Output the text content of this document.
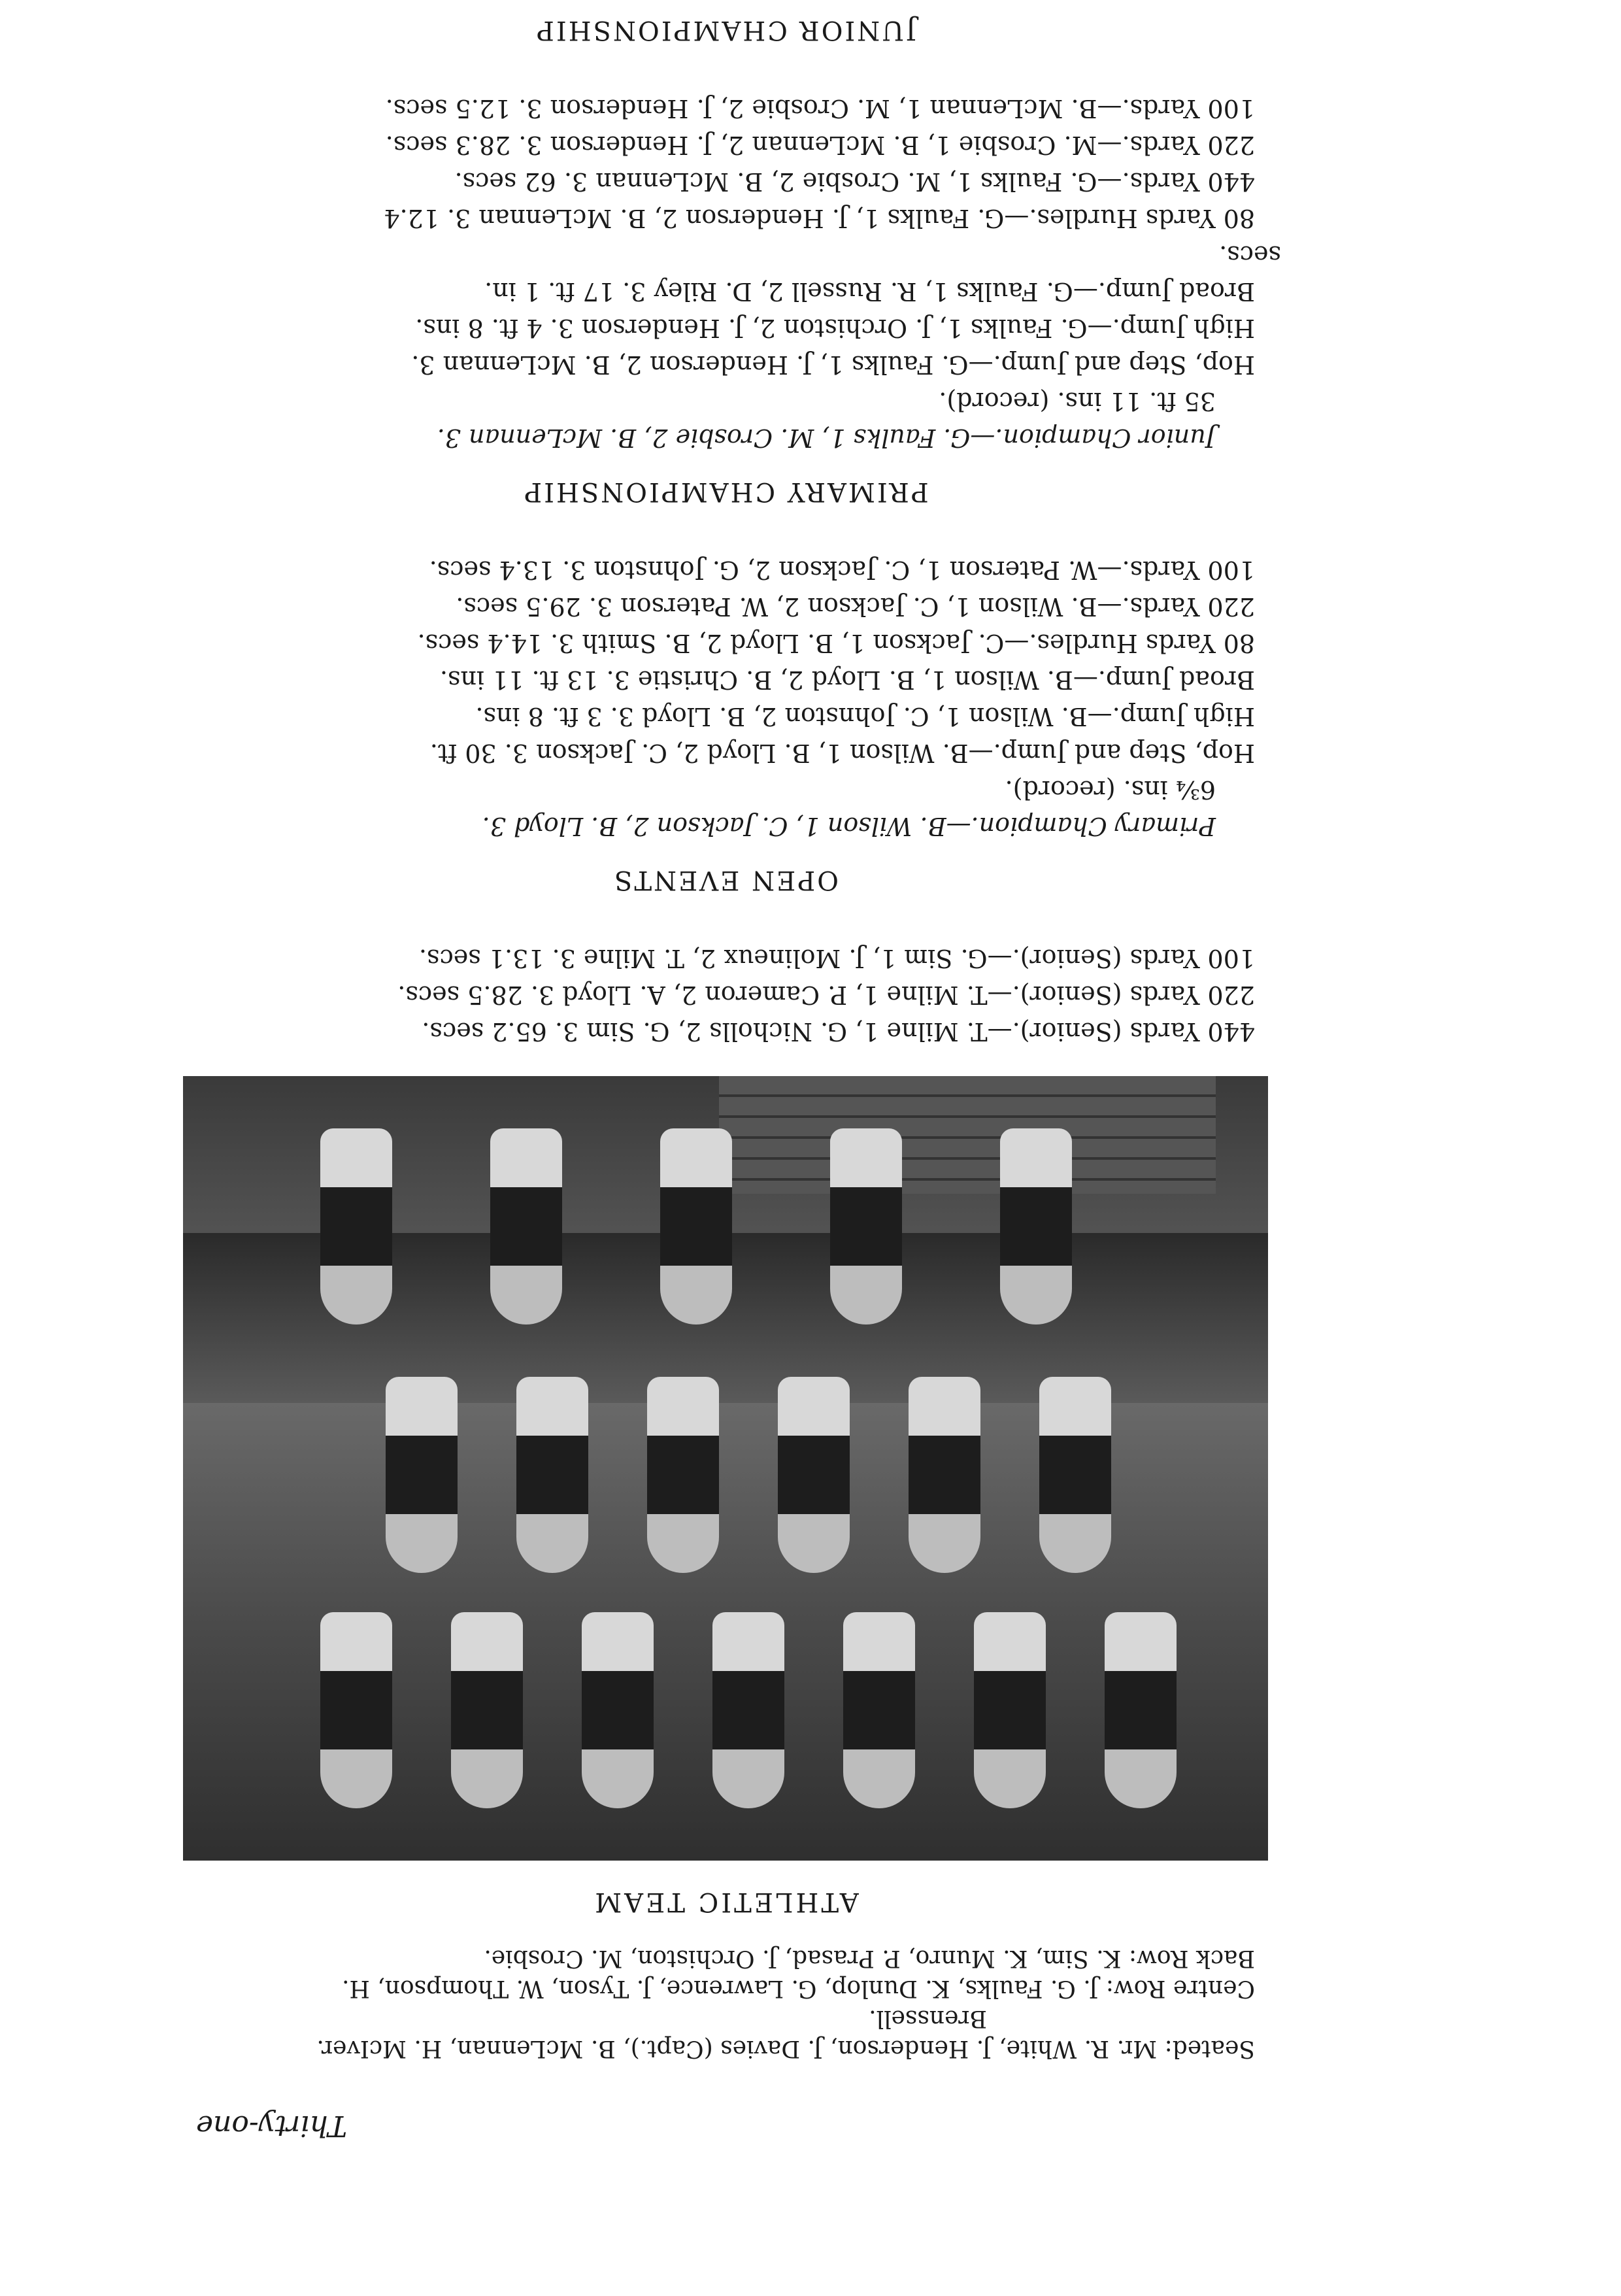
Thirty-one
Seated: Mr. R. White, J. Henderson, J. Davies (Capt.), B. McLennan, H. McIver.
Brenssell.
Centre Row: J. G. Faulks, K. Dunlop, G. Lawrence, J. Tyson, W. Thompson, H.
Back Row: K. Sim, K. Munro, P. Prasad, J. Orchiston, M. Crosbie.
ATHLETIC TEAM
440 Yards (Senior).—T. Milne 1, G. Nicholls 2, G. Sim 3. 65.2 secs.
220 Yards (Senior).—T. Milne 1, P. Cameron 2, A. Lloyd 3. 28.5 secs.
100 Yards (Senior).—G. Sim 1, J. Molineux 2, T. Milne 3. 13.1 secs.
OPEN EVENTS
Primary Champion.—B. Wilson 1, C. Jackson 2, B. Lloyd 3.
6¾ ins. (record).
Hop, Step and Jump.—B. Wilson 1, B. Lloyd 2, C. Jackson 3. 30 ft.
High Jump.—B. Wilson 1, C. Johnston 2, B. Lloyd 3. 3 ft. 8 ins.
Broad Jump.—B. Wilson 1, B. Lloyd 2, B. Christie 3. 13 ft. 11 ins.
80 Yards Hurdles.—C. Jackson 1, B. Lloyd 2, B. Smith 3. 14.4 secs.
220 Yards.—B. Wilson 1, C. Jackson 2, W. Paterson 3. 29.5 secs.
100 Yards.—W. Paterson 1, C. Jackson 2, G. Johnston 3. 13.4 secs.
PRIMARY CHAMPIONSHIP
Junior Champion.—G. Faulks 1, M. Crosbie 2, B. McLennan 3.
35 ft. 11 ins. (record).
Hop, Step and Jump.—G. Faulks 1, J. Henderson 2, B. McLennan 3.
High Jump.—G. Faulks 1, J. Orchiston 2, J. Henderson 3. 4 ft. 8 ins.
Broad Jump.—G. Faulks 1, R. Russell 2, D. Riley 3. 17 ft. 1 in.
secs.
80 Yards Hurdles.—G. Faulks 1, J. Henderson 2, B. McLennan 3. 12.4
440 Yards.—G. Faulks 1, M. Crosbie 2, B. McLennan 3. 62 secs.
220 Yards.—M. Crosbie 1, B. McLennan 2, J. Henderson 3. 28.3 secs.
100 Yards.—B. McLennan 1, M. Crosbie 2, J. Henderson 3. 12.5 secs.
JUNIOR CHAMPIONSHIP
